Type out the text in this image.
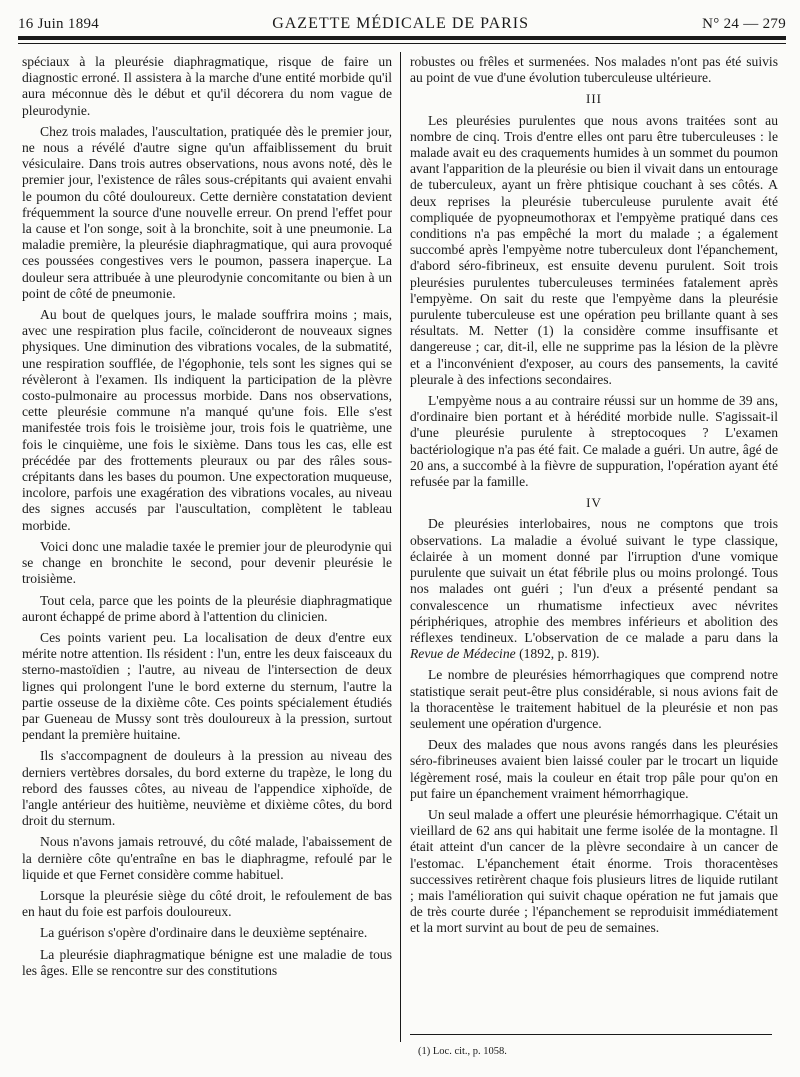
16 Juin 1894	GAZETTE MÉDICALE DE PARIS	N° 24 — 279

spéciaux à la pleurésie diaphragmatique, risque de faire un diagnostic erroné. Il assistera à la marche d'une entité morbide qu'il aura méconnue dès le début et qu'il décorera du nom vague de pleurodynie.

Chez trois malades, l'auscultation, pratiquée dès le premier jour, ne nous a révélé d'autre signe qu'un affaiblissement du bruit vésiculaire. Dans trois autres observations, nous avons noté, dès le premier jour, l'existence de râles sous-crépitants qui avaient envahi le poumon du côté douloureux. Cette dernière constatation devient fréquemment la source d'une nouvelle erreur. On prend l'effet pour la cause et l'on songe, soit à la bronchite, soit à une pneumonie. La maladie première, la pleurésie diaphragmatique, qui aura provoqué ces poussées congestives vers le poumon, passera inaperçue. La douleur sera attribuée à une pleurodynie concomitante ou bien à un point de côté de pneumonie.

Au bout de quelques jours, le malade souffrira moins ; mais, avec une respiration plus facile, coïncideront de nouveaux signes physiques. Une diminution des vibrations vocales, de la submatité, une respiration soufflée, de l'égophonie, tels sont les signes qui se révèleront à l'examen. Ils indiquent la participation de la plèvre costo-pulmonaire au processus morbide. Dans nos observations, cette pleurésie commune n'a manqué qu'une fois. Elle s'est manifestée trois fois le troisième jour, trois fois le quatrième, une fois le cinquième, une fois le sixième. Dans tous les cas, elle est précédée par des frottements pleuraux ou par des râles sous-crépitants dans les bases du poumon. Une expectoration muqueuse, incolore, parfois une exagération des vibrations vocales, au niveau des signes accusés par l'auscultation, complètent le tableau morbide.

Voici donc une maladie taxée le premier jour de pleurodynie qui se change en bronchite le second, pour devenir pleurésie le troisième.

Tout cela, parce que les points de la pleurésie diaphragmatique auront échappé de prime abord à l'attention du clinicien.

Ces points varient peu. La localisation de deux d'entre eux mérite notre attention. Ils résident : l'un, entre les deux faisceaux du sterno-mastoïdien ; l'autre, au niveau de l'intersection de deux lignes qui prolongent l'une le bord externe du sternum, l'autre la partie osseuse de la dixième côte. Ces points spécialement étudiés par Gueneau de Mussy sont très douloureux à la pression, surtout pendant la première huitaine.

Ils s'accompagnent de douleurs à la pression au niveau des derniers vertèbres dorsales, du bord externe du trapèze, le long du rebord des fausses côtes, au niveau de l'appendice xiphoïde, de l'angle antérieur des huitième, neuvième et dixième côtes, du bord droit du sternum.

Nous n'avons jamais retrouvé, du côté malade, l'abaissement de la dernière côte qu'entraîne en bas le diaphragme, refoulé par le liquide et que Fernet considère comme habituel.

Lorsque la pleurésie siège du côté droit, le refoulement de bas en haut du foie est parfois douloureux.

La guérison s'opère d'ordinaire dans le deuxième septénaire.

La pleurésie diaphragmatique bénigne est une maladie de tous les âges. Elle se rencontre sur des constitutions

robustes ou frêles et surmenées. Nos malades n'ont pas été suivis au point de vue d'une évolution tuberculeuse ultérieure.

III

Les pleurésies purulentes que nous avons traitées sont au nombre de cinq. Trois d'entre elles ont paru être tuberculeuses : le malade avait eu des craquements humides à un sommet du poumon avant l'apparition de la pleurésie ou bien il vivait dans un entourage de tuberculeux, ayant un frère phtisique couchant à ses côtés. A deux reprises la pleurésie tuberculeuse purulente avait été compliquée de pyopneumothorax et l'empyème pratiqué dans ces conditions n'a pas empêché la mort du malade ; a également succombé après l'empyème notre tuberculeux dont l'épanchement, d'abord séro-fibrineux, est ensuite devenu purulent. Soit trois pleurésies purulentes tuberculeuses terminées fatalement après l'empyème. On sait du reste que l'empyème dans la pleurésie purulente tuberculeuse est une opération peu brillante quant à ses résultats. M. Netter (1) la considère comme insuffisante et dangereuse ; car, dit-il, elle ne supprime pas la lésion de la plèvre et a l'inconvénient d'exposer, au cours des pansements, la cavité pleurale à des infections secondaires.

L'empyème nous a au contraire réussi sur un homme de 39 ans, d'ordinaire bien portant et à hérédité morbide nulle. S'agissait-il d'une pleurésie purulente à streptocoques ? L'examen bactériologique n'a pas été fait. Ce malade a guéri. Un autre, âgé de 20 ans, a succombé à la fièvre de suppuration, l'opération ayant été refusée par la famille.

IV

De pleurésies interlobaires, nous ne comptons que trois observations. La maladie a évolué suivant le type classique, éclairée à un moment donné par l'irruption d'une vomique purulente que suivait un état fébrile plus ou moins prolongé. Tous nos malades ont guéri ; l'un d'eux a présenté pendant sa convalescence un rhumatisme infectieux avec névrites périphériques, atrophie des membres inférieurs et abolition des réflexes tendineux. L'observation de ce malade a paru dans la Revue de Médecine (1892, p. 819).

Le nombre de pleurésies hémorrhagiques que comprend notre statistique serait peut-être plus considérable, si nous avions fait de la thoracentèse le traitement habituel de la pleurésie et non pas seulement une opération d'urgence.

Deux des malades que nous avons rangés dans les pleurésies séro-fibrineuses avaient bien laissé couler par le trocart un liquide légèrement rosé, mais la couleur en était trop pâle pour qu'on en put faire un épanchement vraiment hémorrhagique.

Un seul malade a offert une pleurésie hémorrhagique. C'était un vieillard de 62 ans qui habitait une ferme isolée de la montagne. Il était atteint d'un cancer de la plèvre secondaire à un cancer de l'estomac. L'épanchement était énorme. Trois thoracentèses successives retirèrent chaque fois plusieurs litres de liquide rutilant ; mais l'amélioration qui suivit chaque opération ne fut jamais que de très courte durée ; l'épanchement se reproduisit immédiatement et la mort survint au bout de peu de semaines.

(1) Loc. cit., p. 1058.
